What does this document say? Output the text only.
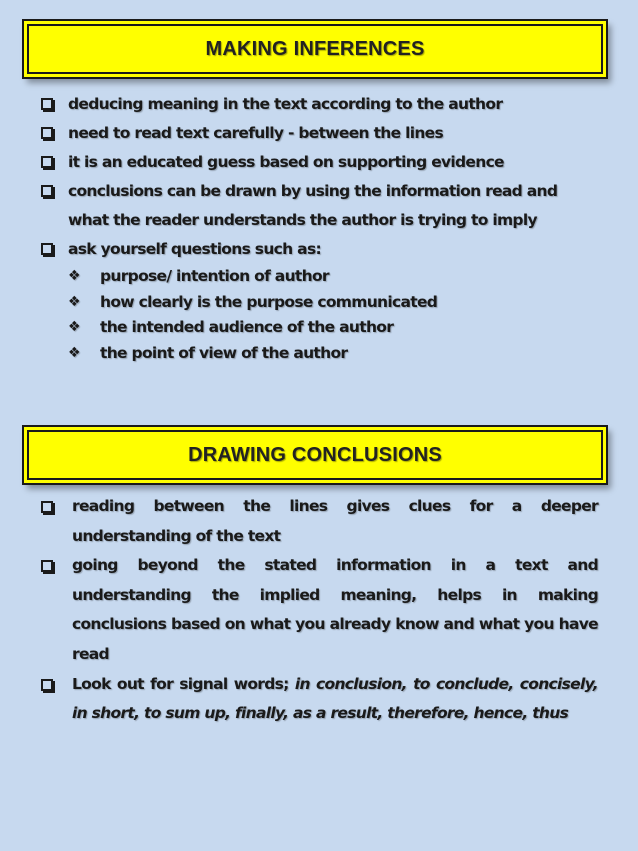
MAKING INFERENCES
deducing meaning in the text according to the author
need to read text carefully - between the lines
it is an educated guess based on supporting evidence
conclusions can be drawn by using the information read and what the reader understands the author is trying to imply
ask yourself questions such as:
❖ purpose/ intention of author
❖ how clearly is the purpose communicated
❖ the intended audience of the author
❖ the point of view of the author
DRAWING CONCLUSIONS
reading between the lines gives clues for a deeper understanding of the text
going beyond the stated information in a text and understanding the implied meaning, helps in making conclusions based on what you already know and what you have read
Look out for signal words; in conclusion, to conclude, concisely, in short, to sum up, finally, as a result, therefore, hence, thus
